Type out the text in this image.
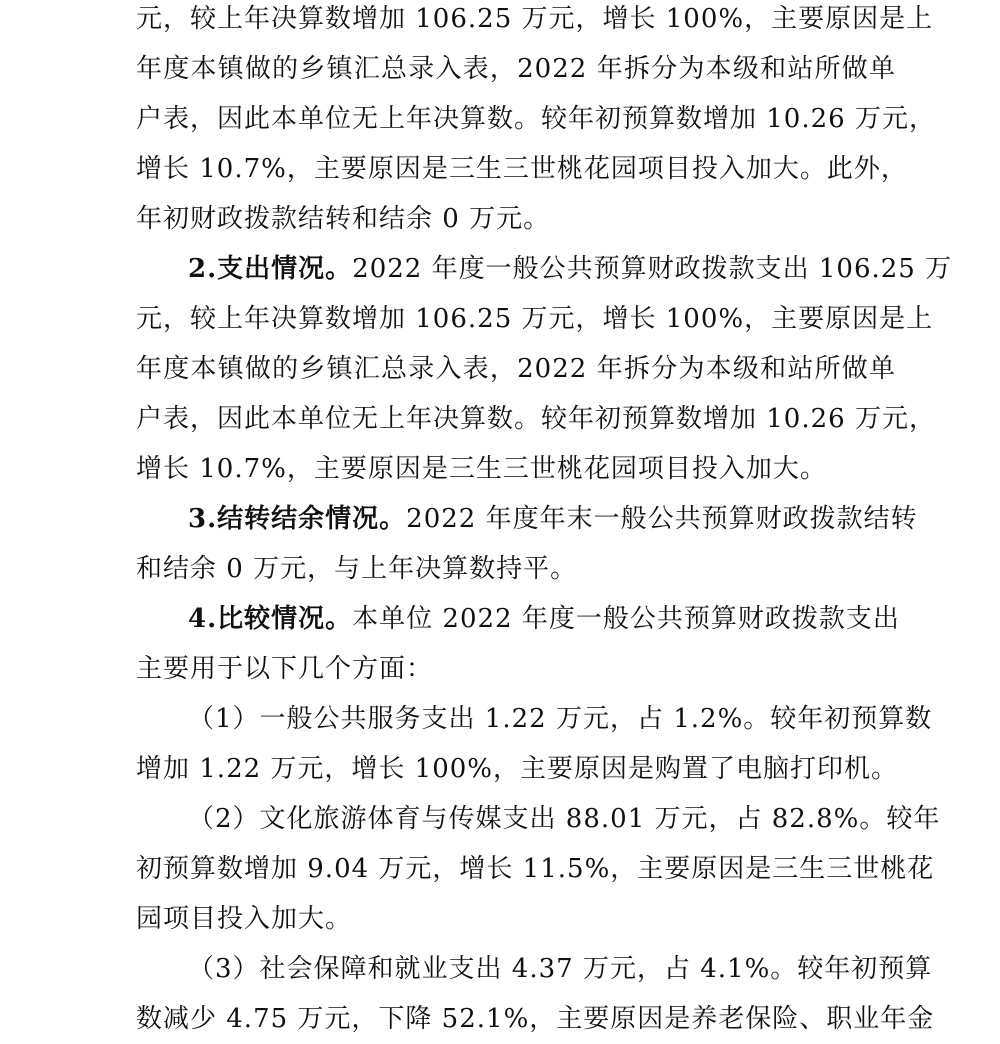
元，较上年决算数增加 106.25 万元，增长 100%，主要原因是上
年度本镇做的乡镇汇总录入表，2022 年拆分为本级和站所做单
户表，因此本单位无上年决算数。较年初预算数增加 10.26 万元，
增长 10.7%，主要原因是三生三世桃花园项目投入加大。此外，
年初财政拨款结转和结余 0 万元。
2.支出情况。2022 年度一般公共预算财政拨款支出 106.25 万
元，较上年决算数增加 106.25 万元，增长 100%，主要原因是上
年度本镇做的乡镇汇总录入表，2022 年拆分为本级和站所做单
户表，因此本单位无上年决算数。较年初预算数增加 10.26 万元，
增长 10.7%，主要原因是三生三世桃花园项目投入加大。
3.结转结余情况。2022 年度年末一般公共预算财政拨款结转
和结余 0 万元，与上年决算数持平。
4.比较情况。本单位 2022 年度一般公共预算财政拨款支出
主要用于以下几个方面：
（1）一般公共服务支出 1.22 万元，占 1.2%。较年初预算数
增加 1.22 万元，增长 100%，主要原因是购置了电脑打印机。
（2）文化旅游体育与传媒支出 88.01 万元，占 82.8%。较年
初预算数增加 9.04 万元，增长 11.5%，主要原因是三生三世桃花
园项目投入加大。
（3）社会保障和就业支出 4.37 万元，占 4.1%。较年初预算
数减少 4.75 万元，下降 52.1%，主要原因是养老保险、职业年金
